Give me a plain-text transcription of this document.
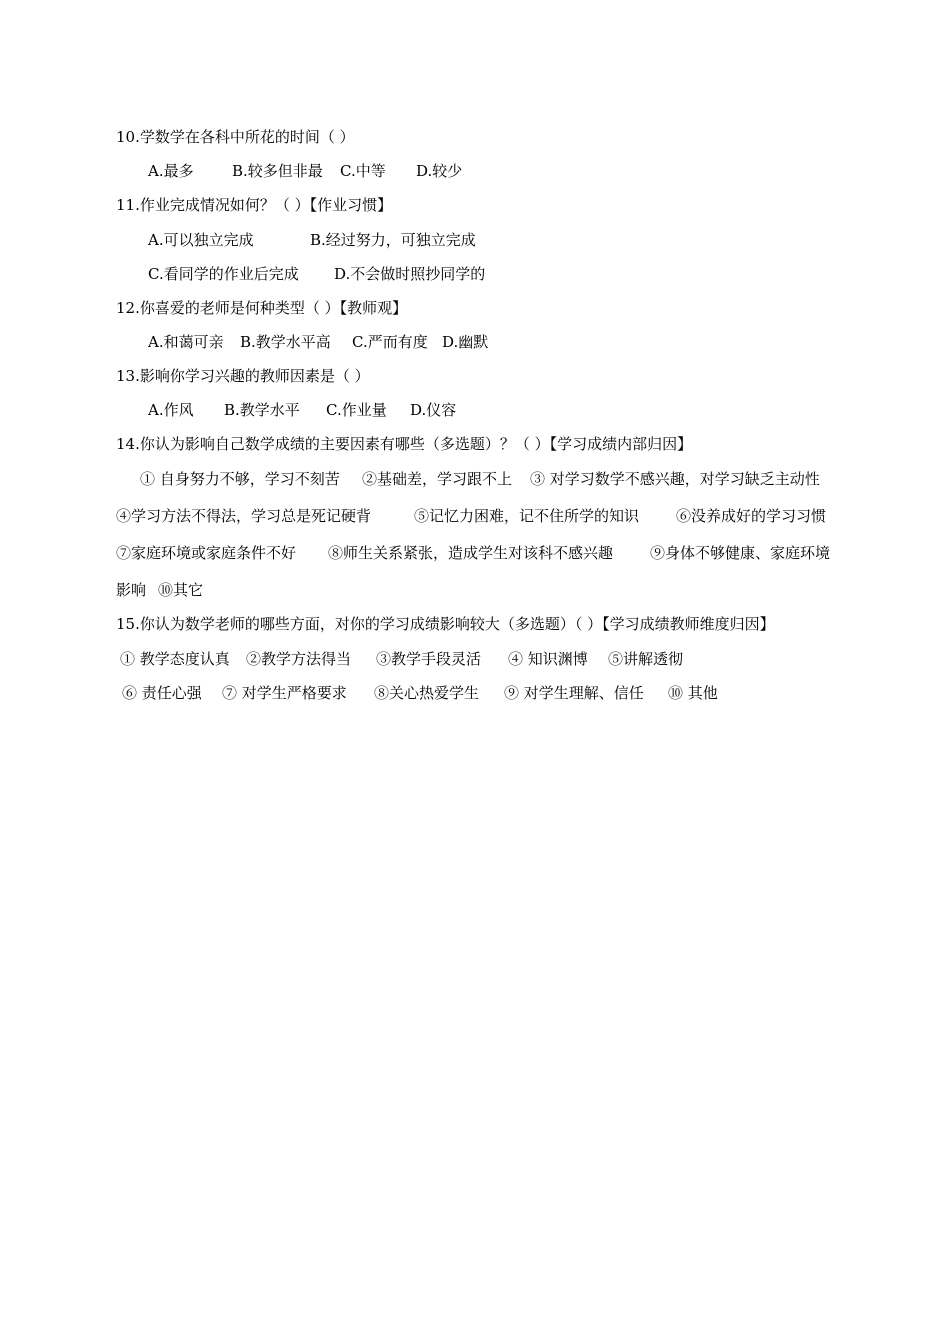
10.学数学在各科中所花的时间（ ）
A.最多	B.较多但非最 C.中等 D.较少
11.作业完成情况如何？（ ）【作业习惯】
A.可以独立完成	B.经过努力，可独立完成
C.看同学的作业后完成 D.不会做时照抄同学的
12.你喜爱的老师是何种类型（ ）【教师观】
A.和蔼可亲 B.教学水平高 C.严而有度 D.幽默
13.影响你学习兴趣的教师因素是（ ）
A.作风 B.教学水平 C.作业量 D.仪容
14.你认为影响自己数学成绩的主要因素有哪些（多选题）？（ ）【学习成绩内部归因】
① 自身努力不够，学习不刻苦 ②基础差，学习跟不上 ③ 对学习数学不感兴趣，对学习缺乏主动性
④学习方法不得法，学习总是死记硬背	⑤记忆力困难，记不住所学的知识 ⑥没养成好的学习习惯
⑦家庭环境或家庭条件不好 ⑧师生关系紧张，造成学生对该科不感兴趣 ⑨身体不够健康、家庭环境
影响 ⑩其它
15.你认为数学老师的哪些方面，对你的学习成绩影响较大（多选题）（ ）【学习成绩教师维度归因】
① 教学态度认真 ②教学方法得当 ③教学手段灵活 ④ 知识渊博 ⑤讲解透彻
⑥ 责任心强 ⑦ 对学生严格要求 ⑧关心热爱学生 ⑨ 对学生理解、信任 ⑩ 其他
